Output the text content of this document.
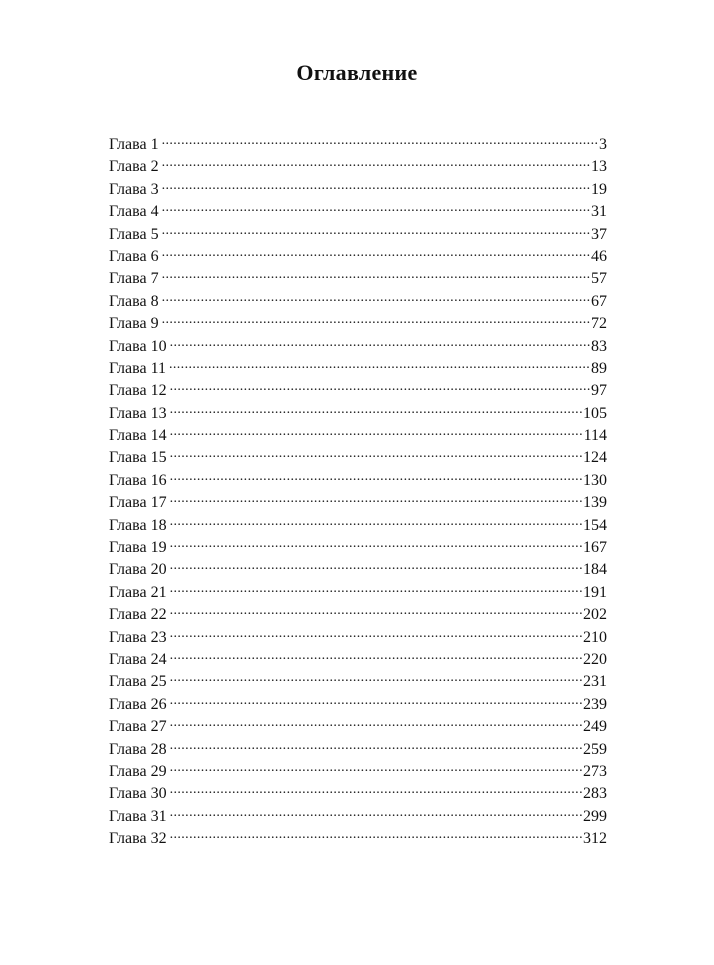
Оглавление
Глава 1 .....	3
Глава 2 .....	13
Глава 3 .....	19
Глава 4 .....	31
Глава 5 .....	37
Глава 6 .....	46
Глава 7 .....	57
Глава 8 .....	67
Глава 9 .....	72
Глава 10 .....	83
Глава 11 .....	89
Глава 12 .....	97
Глава 13 .....	105
Глава 14 .....	114
Глава 15 .....	124
Глава 16 .....	130
Глава 17 .....	139
Глава 18 .....	154
Глава 19 .....	167
Глава 20 .....	184
Глава 21 .....	191
Глава 22 .....	202
Глава 23 .....	210
Глава 24 .....	220
Глава 25 .....	231
Глава 26 .....	239
Глава 27 .....	249
Глава 28 .....	259
Глава 29 .....	273
Глава 30 .....	283
Глава 31 .....	299
Глава 32 .....	312
